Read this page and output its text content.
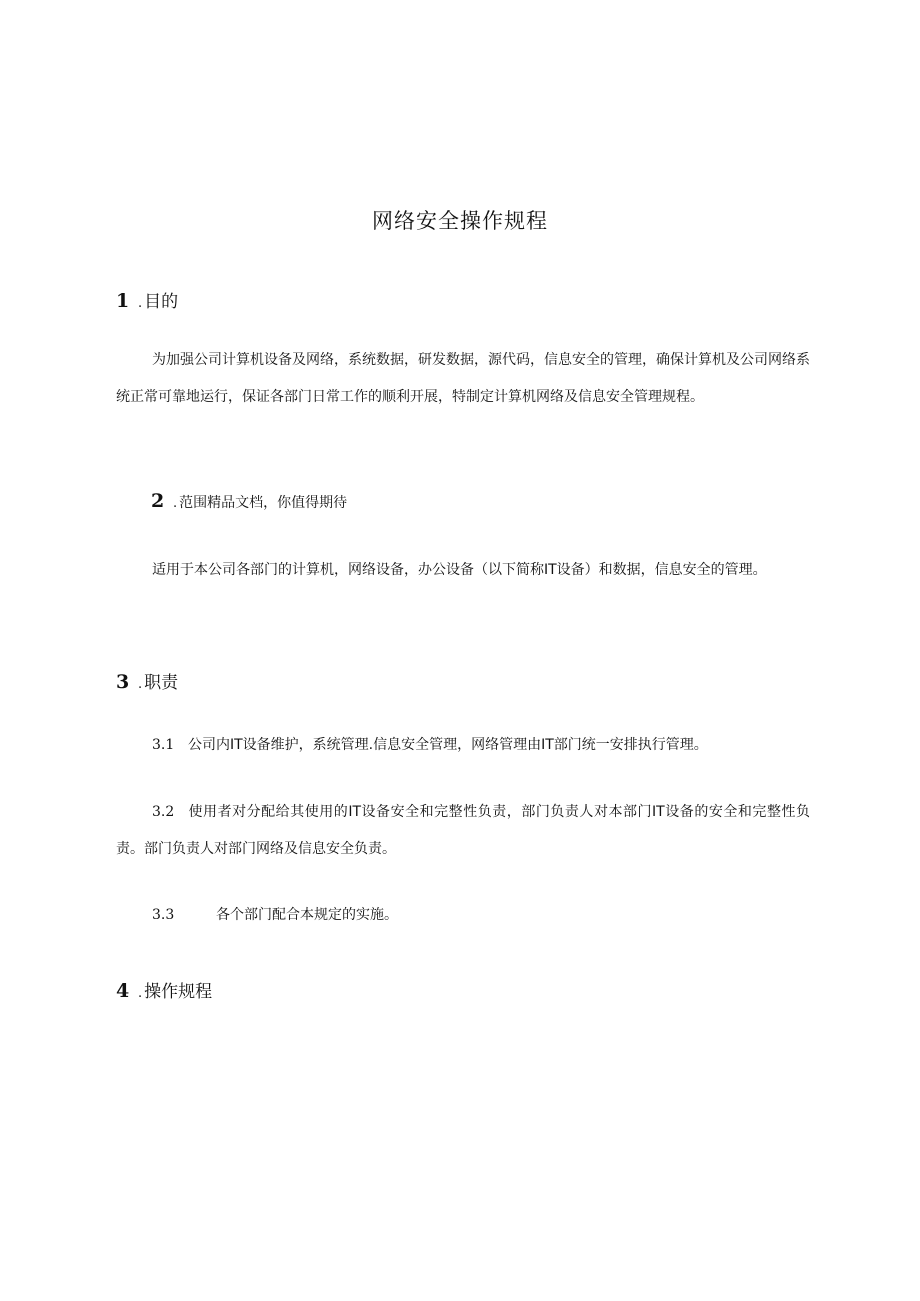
网络安全操作规程
1 . 目的

为加强公司计算机设备及网络，系统数据，研发数据，源代码，信息安全的管理，确保计算机及公司网络系统正常可靠地运行，保证各部门日常工作的顺利开展，特制定计算机网络及信息安全管理规程。

2 . 范围精品文档，你值得期待

适用于本公司各部门的计算机，网络设备，办公设备（以下简称IT设备）和数据，信息安全的管理。

3 . 职责

3.1 公司内IT设备维护，系统管理.信息安全管理，网络管理由IT部门统一安排执行管理。

3.2 使用者对分配给其使用的IT设备安全和完整性负责，部门负责人对本部门IT设备的安全和完整性负责。部门负责人对部门网络及信息安全负责。

3.3	各个部门配合本规定的实施。

4 . 操作规程
